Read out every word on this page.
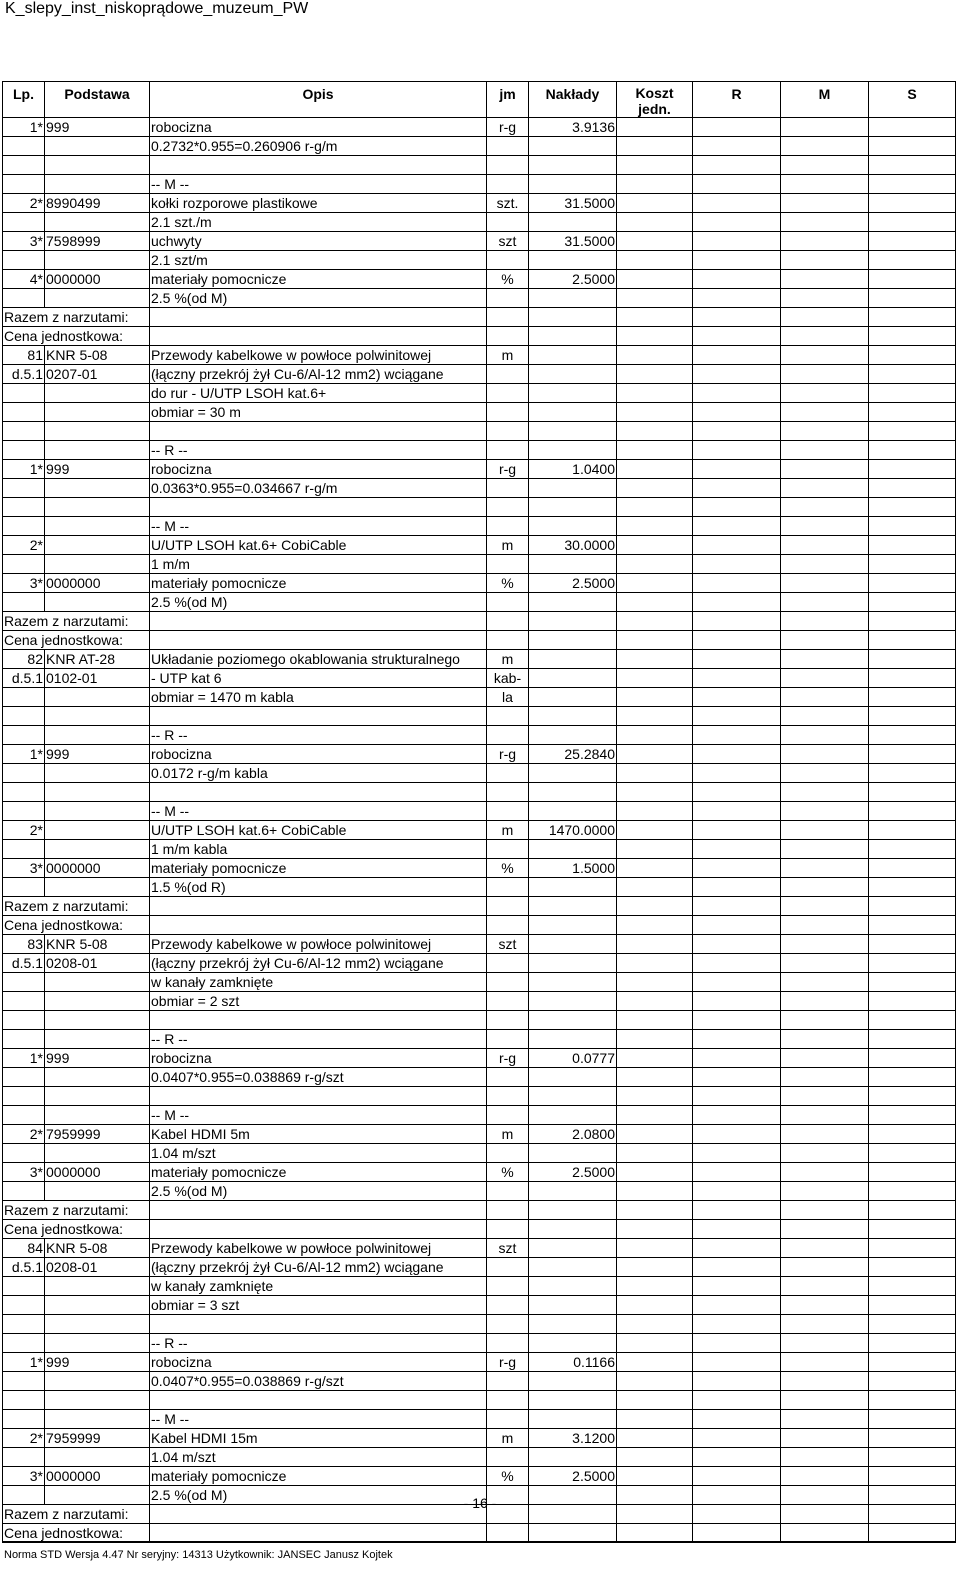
K_slepy_inst_niskoprądowe_muzeum_PW
Lp.	Podstawa	Opis	jm	Nakłady	Koszt jedn.	R	M	S
1*	999	robocizna	r-g	3.9136				
		0.2732*0.955=0.260906 r-g/m						

		-- M --						
2*	8990499	kołki rozporowe plastikowe	szt.	31.5000				
		2.1 szt./m						
3*	7598999	uchwyty	szt	31.5000				
		2.1 szt/m						
4*	0000000	materiały pomocnicze	%	2.5000				
		2.5 %(od M)						
Razem z narzutami:								
Cena jednostkowa:								
81	KNR 5-08	Przewody kabelkowe w powłoce polwinitowej	m					
d.5.1	0207-01	(łączny przekrój żył Cu-6/Al-12 mm2) wciągane						
		do rur - U/UTP LSOH kat.6+						
		obmiar = 30 m						

		-- R --						
1*	999	robocizna	r-g	1.0400				
		0.0363*0.955=0.034667 r-g/m						

		-- M --						
2*		U/UTP LSOH kat.6+ CobiCable	m	30.0000				
		1 m/m						
3*	0000000	materiały pomocnicze	%	2.5000				
		2.5 %(od M)						
Razem z narzutami:								
Cena jednostkowa:								
82	KNR AT-28	Układanie poziomego okablowania strukturalnego	m					
d.5.1	0102-01	- UTP kat 6	kab-					
		obmiar = 1470 m kabla	la					

		-- R --						
1*	999	robocizna	r-g	25.2840				
		0.0172 r-g/m kabla						

		-- M --						
2*		U/UTP LSOH kat.6+ CobiCable	m	1470.0000				
		1 m/m kabla						
3*	0000000	materiały pomocnicze	%	1.5000				
		1.5 %(od R)						
Razem z narzutami:								
Cena jednostkowa:								
83	KNR 5-08	Przewody kabelkowe w powłoce polwinitowej	szt					
d.5.1	0208-01	(łączny przekrój żył Cu-6/Al-12 mm2) wciągane						
		w kanały zamknięte						
		obmiar = 2 szt						

		-- R --						
1*	999	robocizna	r-g	0.0777				
		0.0407*0.955=0.038869 r-g/szt						

		-- M --						
2*	7959999	Kabel HDMI 5m	m	2.0800				
		1.04 m/szt						
3*	0000000	materiały pomocnicze	%	2.5000				
		2.5 %(od M)						
Razem z narzutami:								
Cena jednostkowa:								
84	KNR 5-08	Przewody kabelkowe w powłoce polwinitowej	szt					
d.5.1	0208-01	(łączny przekrój żył Cu-6/Al-12 mm2) wciągane						
		w kanały zamknięte						
		obmiar = 3 szt						

		-- R --						
1*	999	robocizna	r-g	0.1166				
		0.0407*0.955=0.038869 r-g/szt						

		-- M --						
2*	7959999	Kabel HDMI 15m	m	3.1200				
		1.04 m/szt						
3*	0000000	materiały pomocnicze	%	2.5000				
		2.5 %(od M)						
Razem z narzutami:								
Cena jednostkowa:								
- 16 -
Norma STD Wersja 4.47 Nr seryjny: 14313 Użytkownik: JANSEC Janusz Kojtek
